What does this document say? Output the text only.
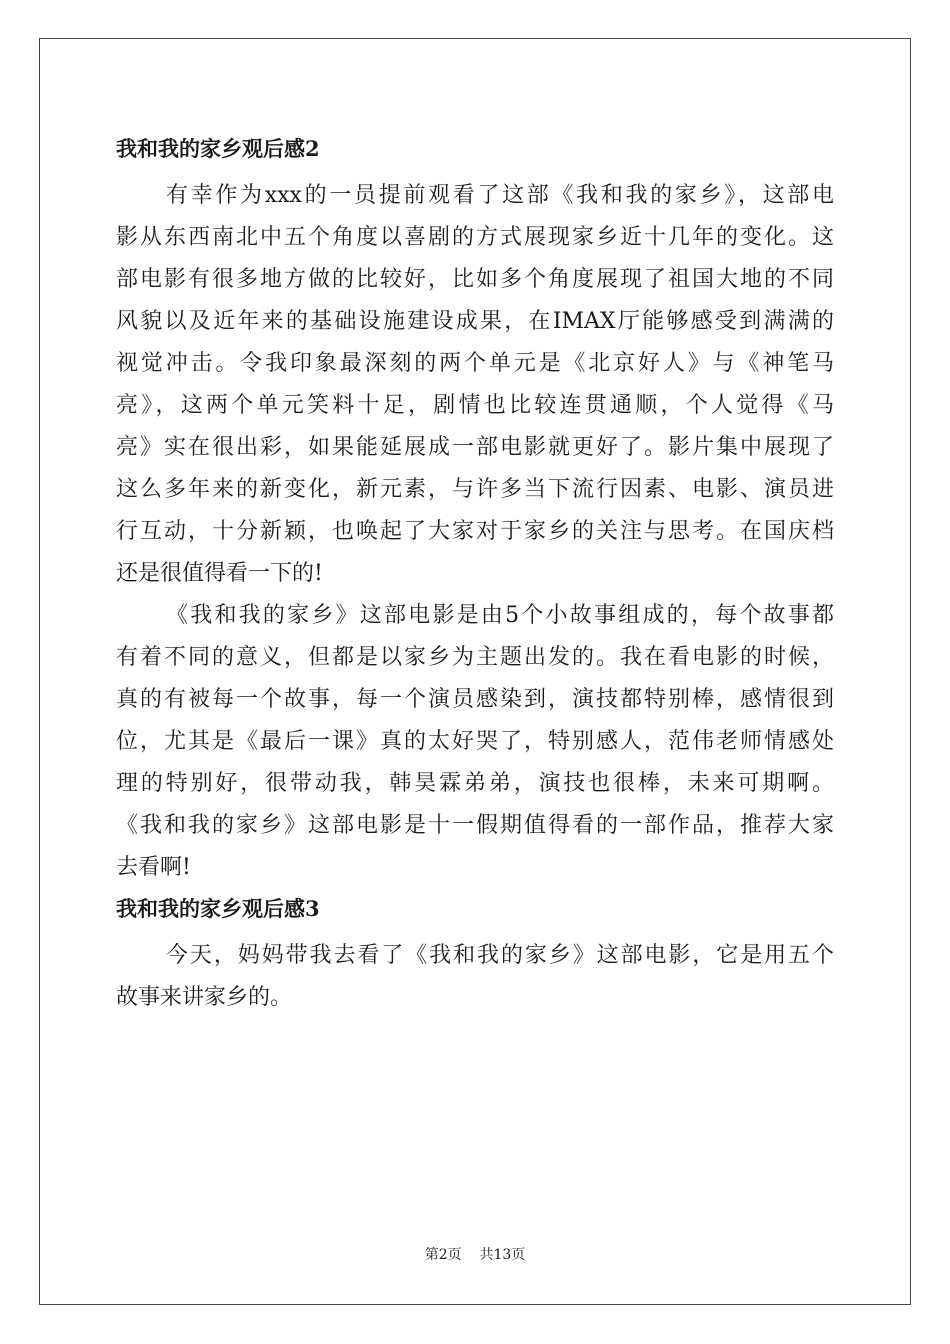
我和我的家乡观后感2

有幸作为xxx的一员提前观看了这部《我和我的家乡》，这部电

影从东西南北中五个角度以喜剧的方式展现家乡近十几年的变化。这

部电影有很多地方做的比较好，比如多个角度展现了祖国大地的不同

风貌以及近年来的基础设施建设成果，在IMAX厅能够感受到满满的

视觉冲击。令我印象最深刻的两个单元是《北京好人》与《神笔马

亮》，这两个单元笑料十足，剧情也比较连贯通顺，个人觉得《马

亮》实在很出彩，如果能延展成一部电影就更好了。影片集中展现了

这么多年来的新变化，新元素，与许多当下流行因素、电影、演员进

行互动，十分新颖，也唤起了大家对于家乡的关注与思考。在国庆档

还是很值得看一下的!

《我和我的家乡》这部电影是由5个小故事组成的，每个故事都

有着不同的意义，但都是以家乡为主题出发的。我在看电影的时候，

真的有被每一个故事，每一个演员感染到，演技都特别棒，感情很到

位，尤其是《最后一课》真的太好哭了，特别感人，范伟老师情感处

理的特别好，很带动我，韩昊霖弟弟，演技也很棒，未来可期啊。

《我和我的家乡》这部电影是十一假期值得看的一部作品，推荐大家

去看啊!

我和我的家乡观后感3

今天，妈妈带我去看了《我和我的家乡》这部电影，它是用五个

故事来讲家乡的。

第2页    共13页
